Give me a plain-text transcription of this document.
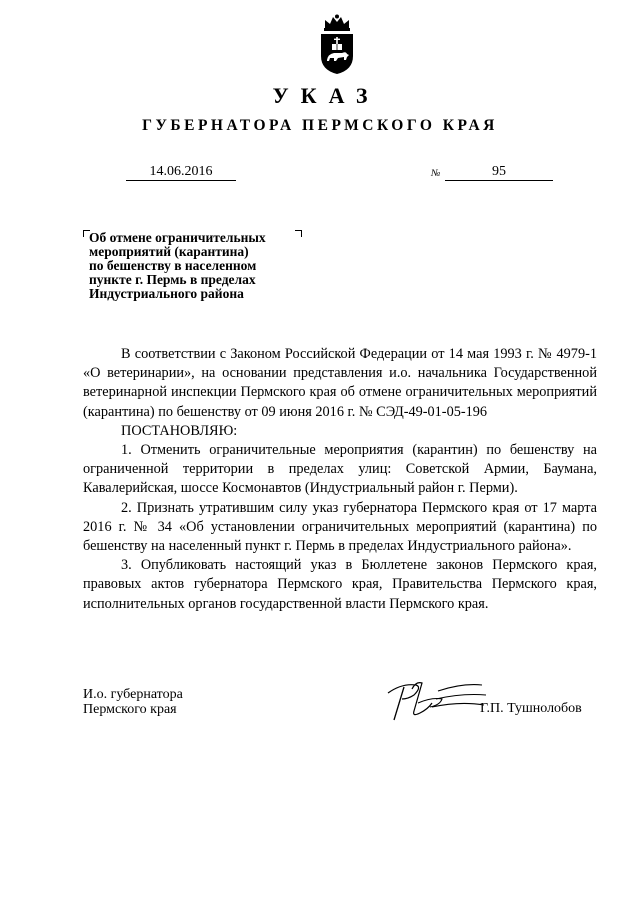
УКАЗ
ГУБЕРНАТОРА ПЕРМСКОГО КРАЯ
14.06.2016	№	95
Об отмене ограничительных
мероприятий (карантина)
по бешенству в населенном
пункте г. Пермь в пределах
Индустриального района

В соответствии с Законом Российской Федерации от 14 мая 1993 г. № 4979-1 «О ветеринарии», на основании представления и.о. начальника Государственной ветеринарной инспекции Пермского края об отмене ограничительных мероприятий (карантина) по бешенству от 09 июня 2016 г. № СЭД-49-01-05-196

ПОСТАНОВЛЯЮ:

1. Отменить ограничительные мероприятия (карантин) по бешенству на ограниченной территории в пределах улиц: Советской Армии, Баумана, Кавалерийская, шоссе Космонавтов (Индустриальный район г. Перми).

2. Признать утратившим силу указ губернатора Пермского края от 17 марта 2016 г. № 34 «Об установлении ограничительных мероприятий (карантина) по бешенству на населенный пункт г. Пермь в пределах Индустриального района».

3. Опубликовать настоящий указ в Бюллетене законов Пермского края, правовых актов губернатора Пермского края, Правительства Пермского края, исполнительных органов государственной власти Пермского края.

И.о. губернатора
Пермского края	Г.П. Тушнолобов
